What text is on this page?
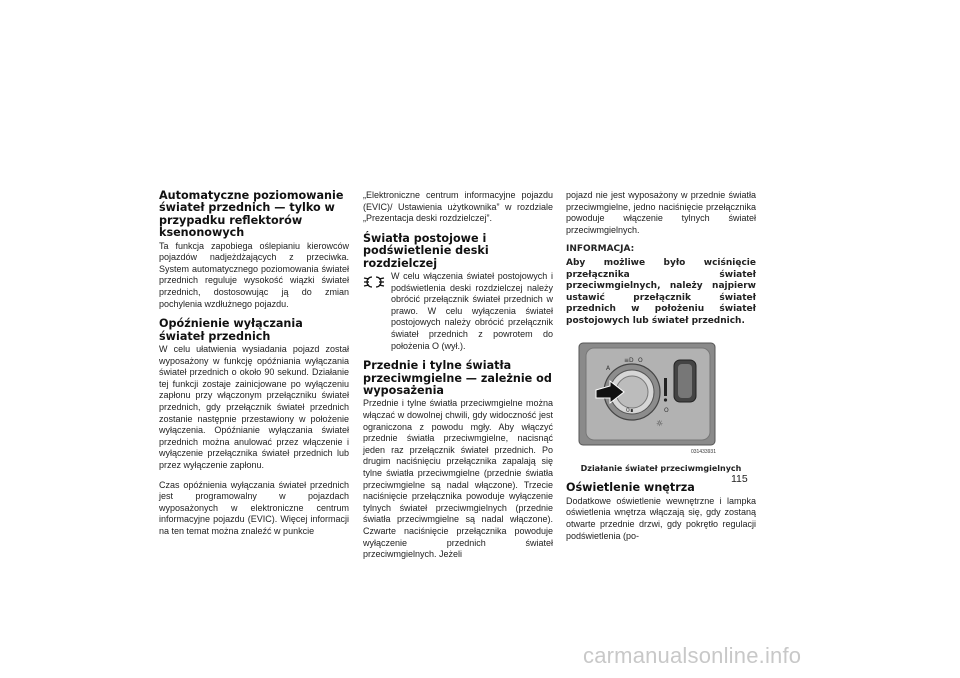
Automatyczne poziomowanie świateł przednich — tylko w przypadku reflektorów ksenonowych

Ta funkcja zapobiega oślepianiu kierowców pojazdów nadjeżdżających z przeciwka. System automatycznego poziomowania świateł przednich reguluje wysokość wiązki świateł przednich, dostosowując ją do zmian pochylenia wzdłużnego pojazdu.

Opóźnienie wyłączania świateł przednich

W celu ułatwienia wysiadania pojazd został wyposażony w funkcję opóźniania wyłączania świateł przednich o około 90 sekund. Działanie tej funkcji zostaje zainicjowane po wyłączeniu zapłonu przy włączonym przełączniku świateł przednich, gdy przełącznik świateł przednich zostanie następnie przestawiony w położenie wyłączenia. Opóźnianie wyłączania świateł przednich można anulować przez włączenie i wyłączenie przełącznika świateł przednich lub przez wyłączenie zapłonu.

Czas opóźnienia wyłączania świateł przednich jest programowalny w pojazdach wyposażonych w elektroniczne centrum informacyjne pojazdu (EVIC). Więcej informacji na ten temat można znaleźć w punkcie

„Elektroniczne centrum informacyjne pojazdu (EVIC)/ Ustawienia użytkownika” w rozdziale „Prezentacja deski rozdzielczej”.

Światła postojowe i podświetlenie deski rozdzielczej

W celu włączenia świateł postojowych i podświetlenia deski rozdzielczej należy obrócić przełącznik świateł przednich w prawo. W celu wyłączenia świateł postojowych należy obrócić przełącznik świateł przednich z powrotem do położenia O (wył.).

Przednie i tylne światła przeciwmgielne — zależnie od wyposażenia

Przednie i tylne światła przeciwmgielne można włączać w dowolnej chwili, gdy widoczność jest ograniczona z powodu mgły. Aby włączyć przednie światła przeciwmgielne, nacisnąć jeden raz przełącznik świateł przednich. Po drugim naciśnięciu przełącznika zapalają się tylne światła przeciwmgielne (przednie światła przeciwmgielne są nadal włączone). Trzecie naciśnięcie przełącznika powoduje wyłączenie tylnych świateł przeciwmgielnych (przednie światła przeciwmgielne są nadal włączone). Czwarte naciśnięcie przełącznika powoduje wyłączenie przednich świateł przeciwmgielnych. Jeżeli

pojazd nie jest wyposażony w przednie światła przeciwmgielne, jedno naciśnięcie przełącznika powoduje włączenie tylnych świateł przeciwmgielnych.

INFORMACJA:
Aby możliwe było wciśnięcie przełącznika świateł przeciwmgielnych, należy najpierw ustawić przełącznik świateł przednich w położeniu świateł postojowych lub świateł przednich.
≡D O
A
0∎	O
☼
031433931
Działanie świateł przeciwmgielnych
Oświetlenie wnętrza

Dodatkowe oświetlenie wewnętrzne i lampka oświetlenia wnętrza włączają się, gdy zostaną otwarte przednie drzwi, gdy pokrętło regulacji podświetlenia (po-

115
carmanualsonline.info
